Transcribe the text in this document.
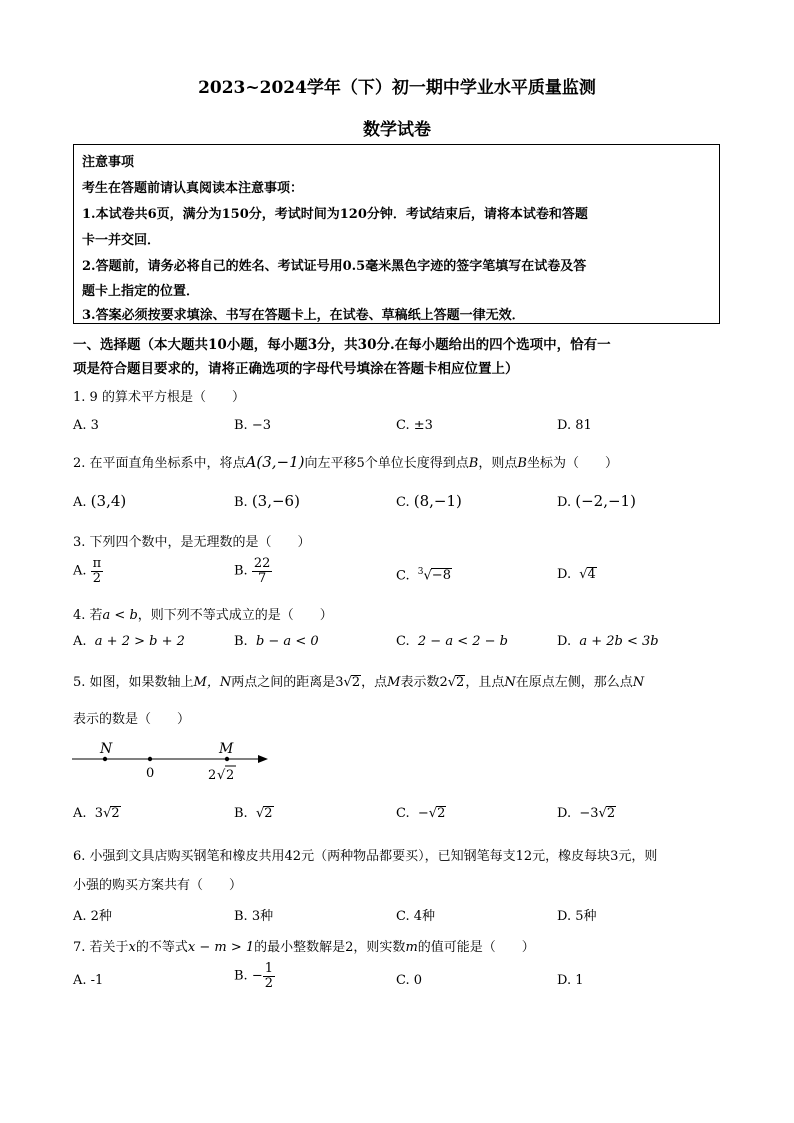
2023~2024学年（下）初一期中学业水平质量监测
数学试卷
注意事项
考生在答题前请认真阅读本注意事项：
1.本试卷共6页，满分为150分，考试时间为120分钟．考试结束后，请将本试卷和答题
卡一并交回．
2.答题前，请务必将自己的姓名、考试证号用0.5毫米黑色字迹的签字笔填写在试卷及答
题卡上指定的位置．
3.答案必须按要求填涂、书写在答题卡上，在试卷、草稿纸上答题一律无效．
一、选择题（本大题共10小题，每小题3分，共30分.在每小题给出的四个选项中，恰有一
项是符合题目要求的，请将正确选项的字母代号填涂在答题卡相应位置上）
1. 9 的算术平方根是（　　）
A. 3	B. −3	C. ±3	D. 81
2. 在平面直角坐标系中，将点A(3,−1)向左平移5个单位长度得到点B，则点B坐标为（　　）
A. (3,4)	B. (3,−6)	C. (8,−1)	D. (−2,−1)
3. 下列四个数中，是无理数的是（　　）
A. $\frac{\pi}{2}$	B. $\frac{22}{7}$	C. $^3$√−8	D. √4
4. 若a < b，则下列不等式成立的是（　　）
A. a + 2 > b + 2	B. b − a < 0	C. 2 − a < 2 − b	D. a + 2b < 3b
5. 如图，如果数轴上M，N两点之间的距离是3√2，点M表示数2√2，且点N在原点左侧，那么点N
表示的数是（　　）
N
0
M
2 √ 2
A. 3√2	B. √2	C. −√2	D. −3√2
6. 小强到文具店购买钢笔和橡皮共用42元（两种物品都要买），已知钢笔每支12元，橡皮每块3元，则
小强的购买方案共有（　　）
A. 2种	B. 3种	C. 4种	D. 5种
7. 若关于x的不等式x − m > 1的最小整数解是2，则实数m的值可能是（　　）
A. -1	B. − $\frac{1}{2}$	C. 0	D. 1
